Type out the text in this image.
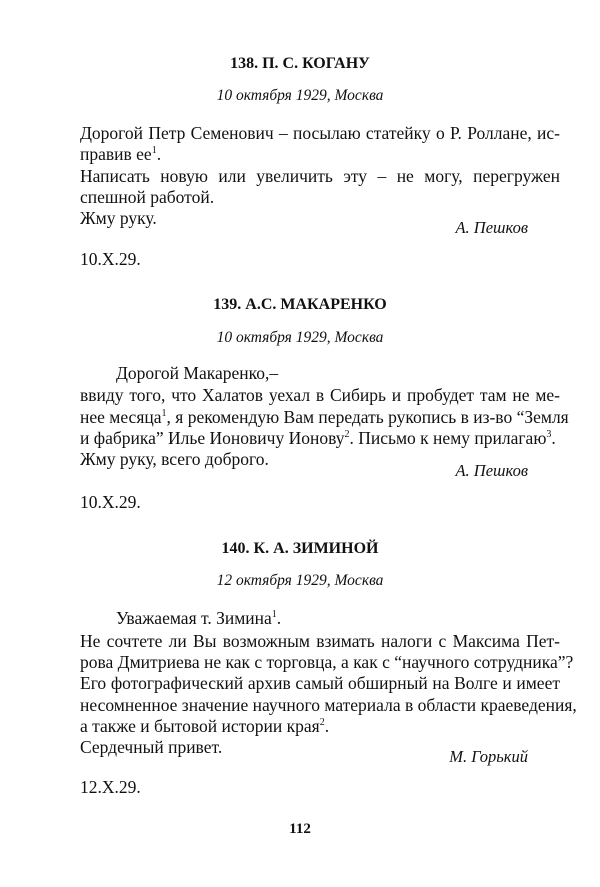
138. П. С. КОГАНУ

10 октября 1929, Москва

Дорогой Петр Семенович – посылаю статейку о Р. Роллане, ис-

правив $ее^1$.

Написать новую или увеличить эту – не могу, перегружен

спешной работой.

Жму руку.	А. Пешков

10.X.29.

139. А.С. МАКАРЕНКО

10 октября 1929, Москва

Дорогой Макаренко,–

ввиду того, что Халатов уехал в Сибирь и пробудет там не ме-

нее месяца$^1$, я рекомендую Вам передать рукопись в из-во “Земля

и фабрика” Илье Ионовичу Ионову$^2$. Письмо к нему прилагаю$^3$.

Жму руку, всего доброго.

А. Пешков

10.X.29.

140. К. А. ЗИМИНОЙ

12 октября 1929, Москва

Уважаемая т. Зимина$^1$.

Не сочтете ли Вы возможным взимать налоги с Максима Пет-

рова Дмитриева не как с торговца, а как с “научного сотрудника”?

Его фотографический архив самый обширный на Волге и имеет

несомненное значение научного материала в области краеведения,

а также и бытовой истории края$^2$.

Сердечный привет.	М. Горький

12.X.29.

112
